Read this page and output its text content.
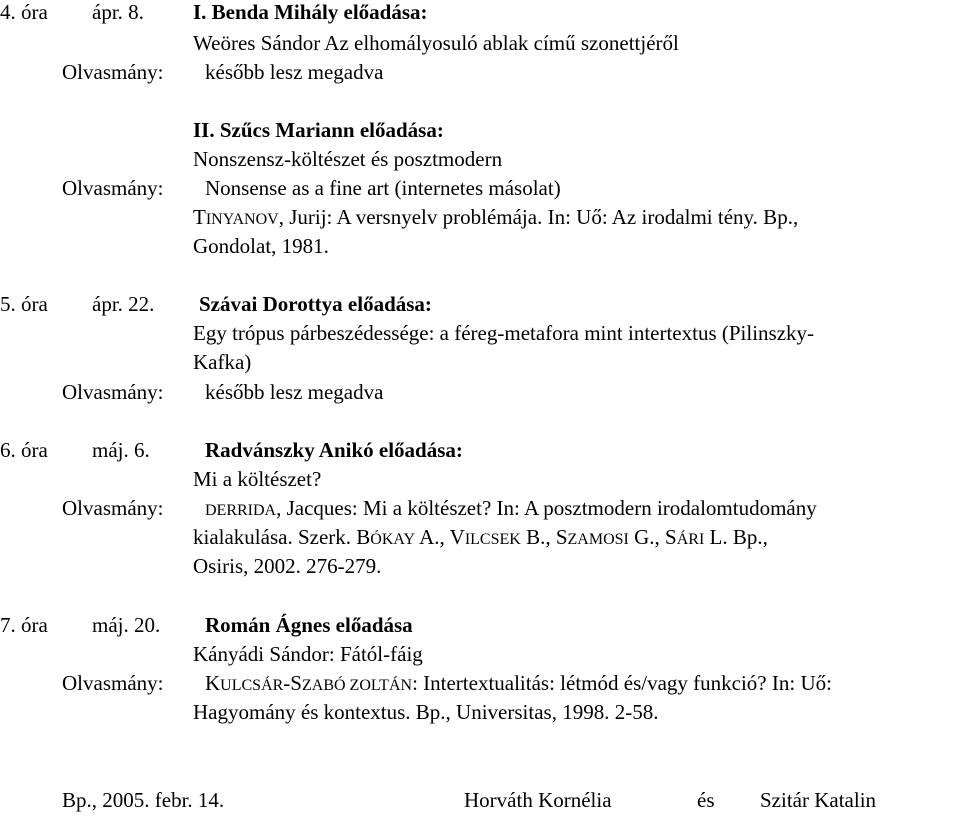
4. óra ápr. 8. I. Benda Mihály előadása:
Weöres Sándor Az elhomályosuló ablak című szonettjéről
Olvasmány: később lesz megadva
II. Szűcs Mariann előadása:
Nonszensz-költészet és posztmodern
Olvasmány: Nonsense as a fine art (internetes másolat)
TINYANOV, Jurij: A versnyelv problémája. In: Uő: Az irodalmi tény. Bp.,
Gondolat, 1981.
5. óra ápr. 22. Szávai Dorottya előadása:
Egy trópus párbeszédessége: a féreg-metafora mint intertextus (Pilinszky-
Kafka)
Olvasmány: később lesz megadva
6. óra máj. 6.	Radvánszky Anikó előadása:
Mi a költészet?
Olvasmány:	DERRIDA, Jacques: Mi a költészet? In: A posztmodern irodalomtudomány
kialakulása. Szerk. BÓKAY A., VILCSEK B., SZAMOSI G., SÁRI L. Bp.,
Osiris, 2002. 276-279.
7. óra máj. 20. Román Ágnes előadása
Kányádi Sándor: Fától-fáig
Olvasmány: KULCSÁR-SZABÓ ZOLTÁN: Intertextualitás: létmód és/vagy funkció? In: Uő:
Hagyomány és kontextus. Bp., Universitas, 1998. 2-58.
Bp., 2005. febr. 14.	Horváth Kornélia	és Szitár Katalin
